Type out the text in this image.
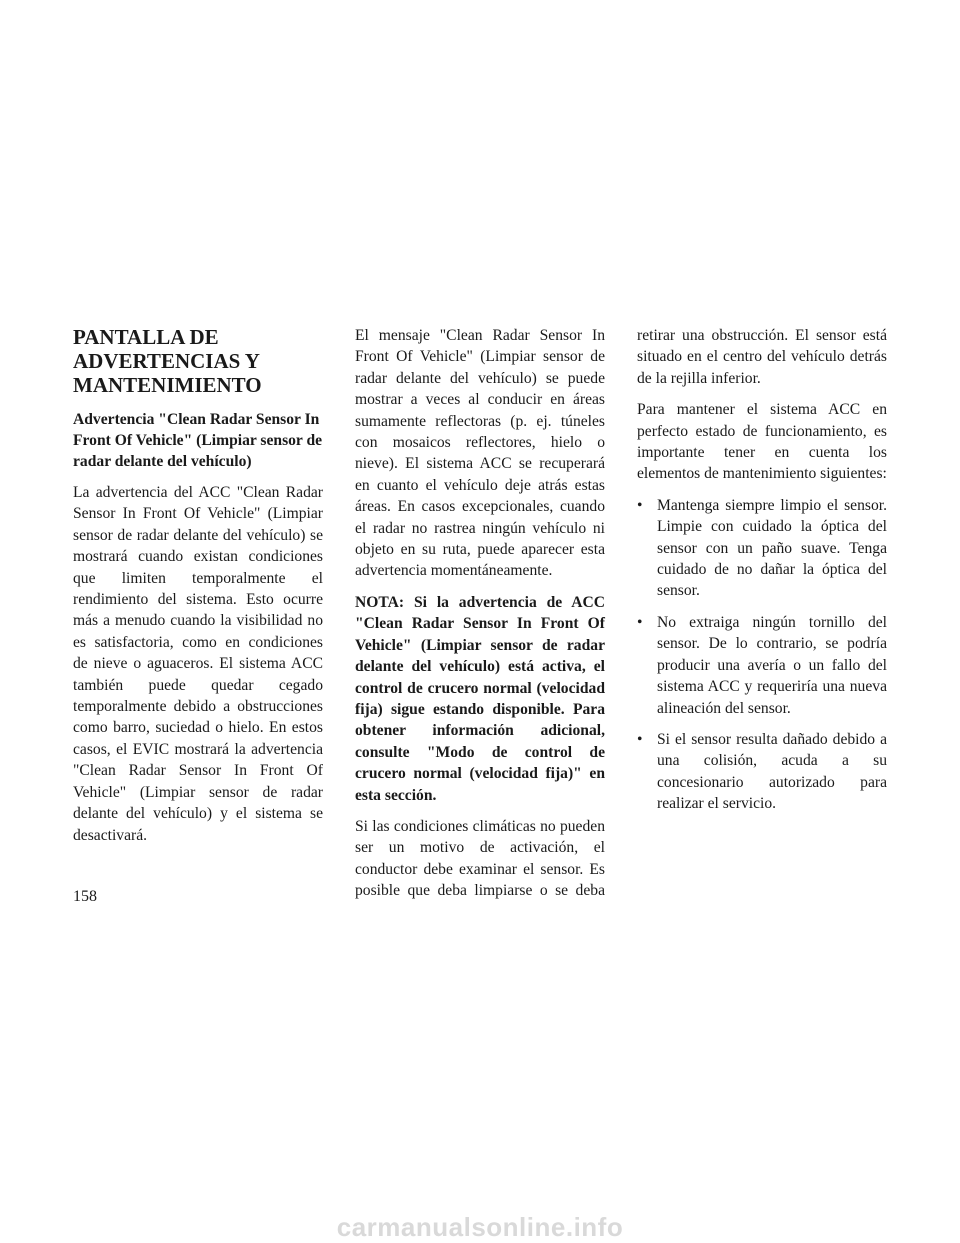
PANTALLA DE ADVERTENCIAS Y MANTENIMIENTO
Advertencia "Clean Radar Sensor In Front Of Vehicle" (Limpiar sensor de radar delante del vehículo)

La advertencia del ACC "Clean Radar Sensor In Front Of Vehicle" (Limpiar sensor de radar delante del vehículo) se mostrará cuando existan condiciones que limiten temporalmente el rendimiento del sistema. Esto ocurre más a menudo cuando la visibilidad no es satisfactoria, como en condiciones de nieve o aguaceros. El sistema ACC también puede quedar cegado temporalmente debido a obstrucciones como barro, suciedad o hielo. En estos casos, el EVIC mostrará la advertencia "Clean Radar Sensor In Front Of Vehicle" (Limpiar sensor de radar delante del vehículo) y el sistema se desactivará.

El mensaje "Clean Radar Sensor In Front Of Vehicle" (Limpiar sensor de radar delante del vehículo) se puede mostrar a veces al conducir en áreas sumamente reflectoras (p. ej. túneles con mosaicos reflectores, hielo o nieve). El sistema ACC se recuperará en cuanto el vehículo deje atrás estas áreas. En casos excepcionales, cuando el radar no rastrea ningún vehículo ni objeto en su ruta, puede aparecer esta advertencia momentáneamente.

NOTA: Si la advertencia de ACC "Clean Radar Sensor In Front Of Vehicle" (Limpiar sensor de radar delante del vehículo) está activa, el control de crucero normal (velocidad fija) sigue estando disponible. Para obtener información adicional, consulte "Modo de control de crucero normal (velocidad fija)" en esta sección.

Si las condiciones climáticas no pueden ser un motivo de activación, el conductor debe examinar el sensor. Es posible que deba limpiarse o se deba

retirar una obstrucción. El sensor está situado en el centro del vehículo detrás de la rejilla inferior.

Para mantener el sistema ACC en perfecto estado de funcionamiento, es importante tener en cuenta los elementos de mantenimiento siguientes:

• Mantenga siempre limpio el sensor. Limpie con cuidado la óptica del sensor con un paño suave. Tenga cuidado de no dañar la óptica del sensor.
• No extraiga ningún tornillo del sensor. De lo contrario, se podría producir una avería o un fallo del sistema ACC y requeriría una nueva alineación del sensor.
• Si el sensor resulta dañado debido a una colisión, acuda a su concesionario autorizado para realizar el servicio.
158
carmanualsonline.info
